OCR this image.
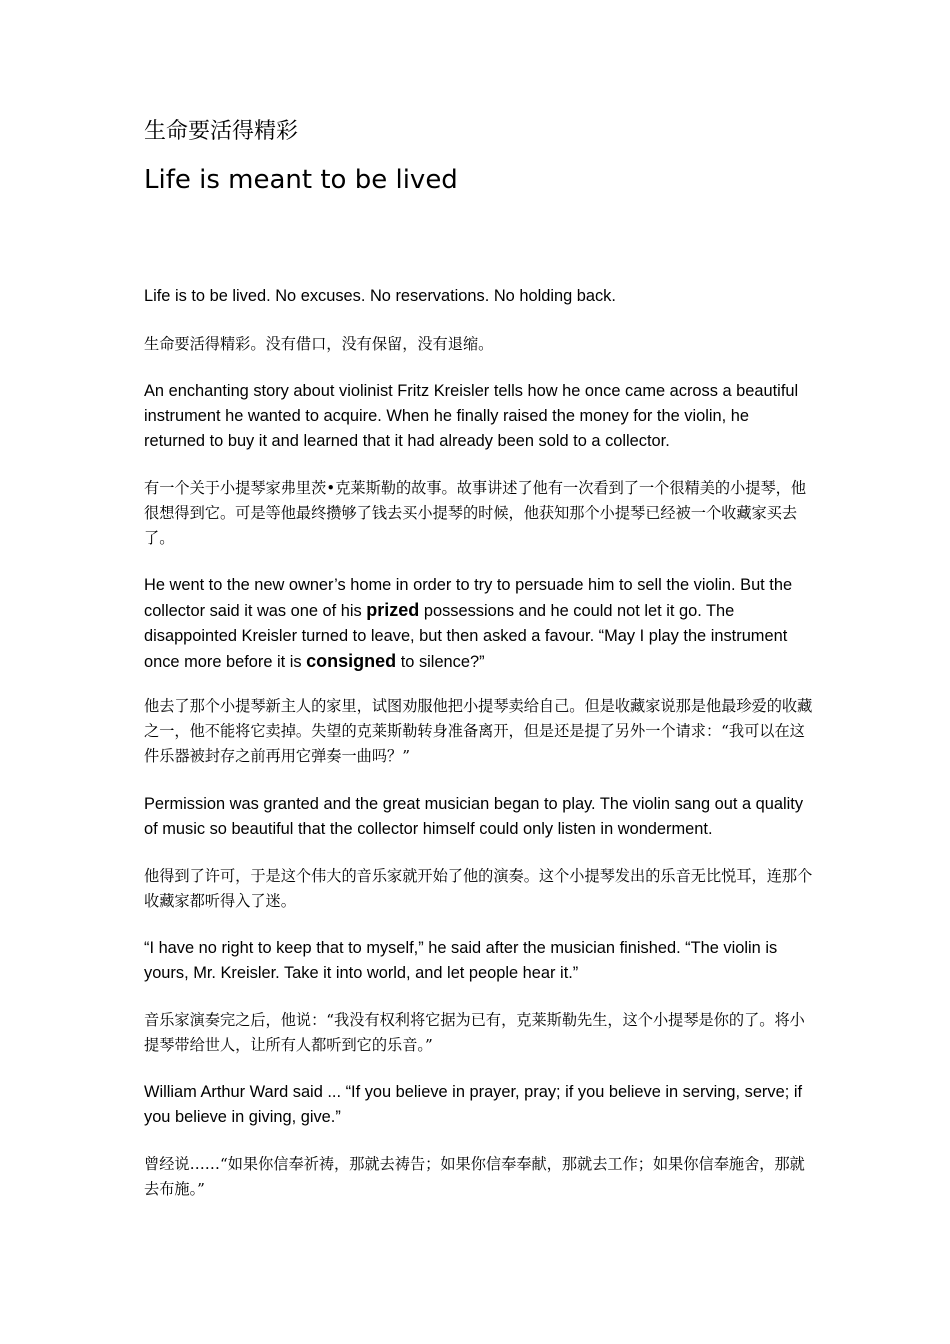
生命要活得精彩
Life is meant to be lived

Life is to be lived. No excuses. No reservations. No holding back.

生命要活得精彩。没有借口，没有保留，没有退缩。

An enchanting story about violinist Fritz Kreisler tells how he once came across a beautiful instrument he wanted to acquire. When he finally raised the money for the violin, he returned to buy it and learned that it had already been sold to a collector.

有一个关于小提琴家弗里茨•克莱斯勒的故事。故事讲述了他有一次看到了一个很精美的小提琴，他很想得到它。可是等他最终攒够了钱去买小提琴的时候，他获知那个小提琴已经被一个收藏家买去了。

He went to the new owner’s home in order to try to persuade him to sell the violin. But the collector said it was one of his prized possessions and he could not let it go. The disappointed Kreisler turned to leave, but then asked a favour. “May I play the instrument once more before it is consigned to silence?”

他去了那个小提琴新主人的家里，试图劝服他把小提琴卖给自己。但是收藏家说那是他最珍爱的收藏之一，他不能将它卖掉。失望的克莱斯勒转身准备离开，但是还是提了另外一个请求：“我可以在这件乐器被封存之前再用它弹奏一曲吗？”

Permission was granted and the great musician began to play. The violin sang out a quality of music so beautiful that the collector himself could only listen in wonderment.

他得到了许可，于是这个伟大的音乐家就开始了他的演奏。这个小提琴发出的乐音无比悦耳，连那个收藏家都听得入了迷。

“I have no right to keep that to myself,” he said after the musician finished. “The violin is yours, Mr. Kreisler. Take it into world, and let people hear it.”

音乐家演奏完之后，他说：“我没有权利将它据为已有，克莱斯勒先生，这个小提琴是你的了。将小提琴带给世人，让所有人都听到它的乐音。”

William Arthur Ward said ... “If you believe in prayer, pray; if you believe in serving, serve; if you believe in giving, give.”

曾经说……“如果你信奉祈祷，那就去祷告；如果你信奉奉献，那就去工作；如果你信奉施舍，那就去布施。”
